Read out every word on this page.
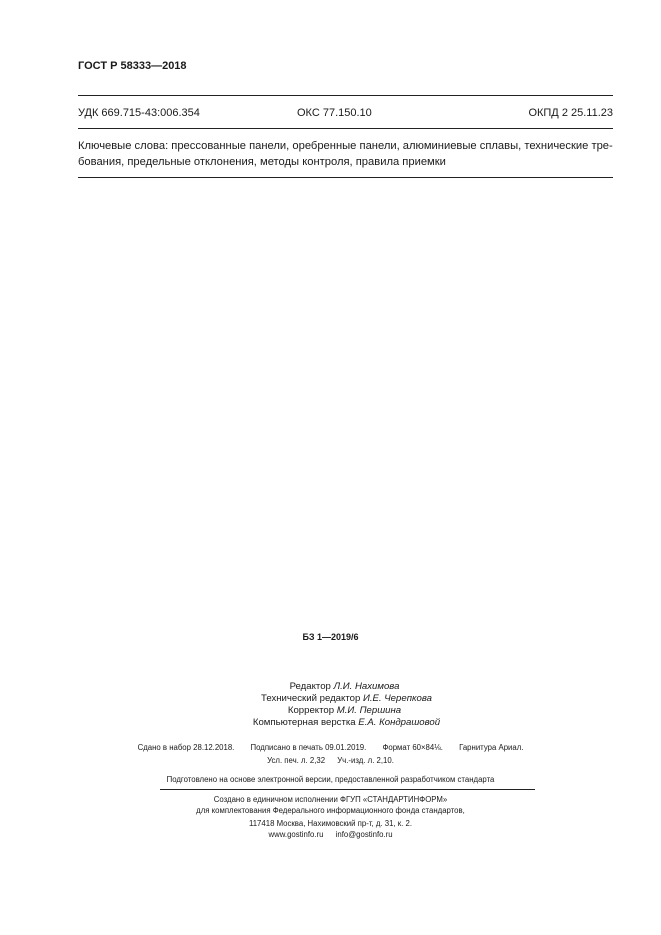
ГОСТ Р 58333—2018
УДК 669.715-43:006.354	ОКС 77.150.10	ОКПД 2 25.11.23
Ключевые слова: прессованные панели, оребренные панели, алюминиевые сплавы, технические тре-
бования, предельные отклонения, методы контроля, правила приемки
БЗ 1—2019/6
Редактор Л.И. Нахимова
Технический редактор И.Е. Черепкова
Корректор М.И. Першина
Компьютерная верстка Е.А. Кондрашовой
Сдано в набор 28.12.2018. Подписано в печать 09.01.2019. Формат 60×84⅛. Гарнитура Ариал.
Усл. печ. л. 2,32 Уч.-изд. л. 2,10.
Подготовлено на основе электронной версии, предоставленной разработчиком стандарта
Создано в единичном исполнении ФГУП «СТАНДАРТИНФОРМ»
для комплектования Федерального информационного фонда стандартов,
117418 Москва, Нахимовский пр-т, д. 31, к. 2.
www.gostinfo.ru info@gostinfo.ru
